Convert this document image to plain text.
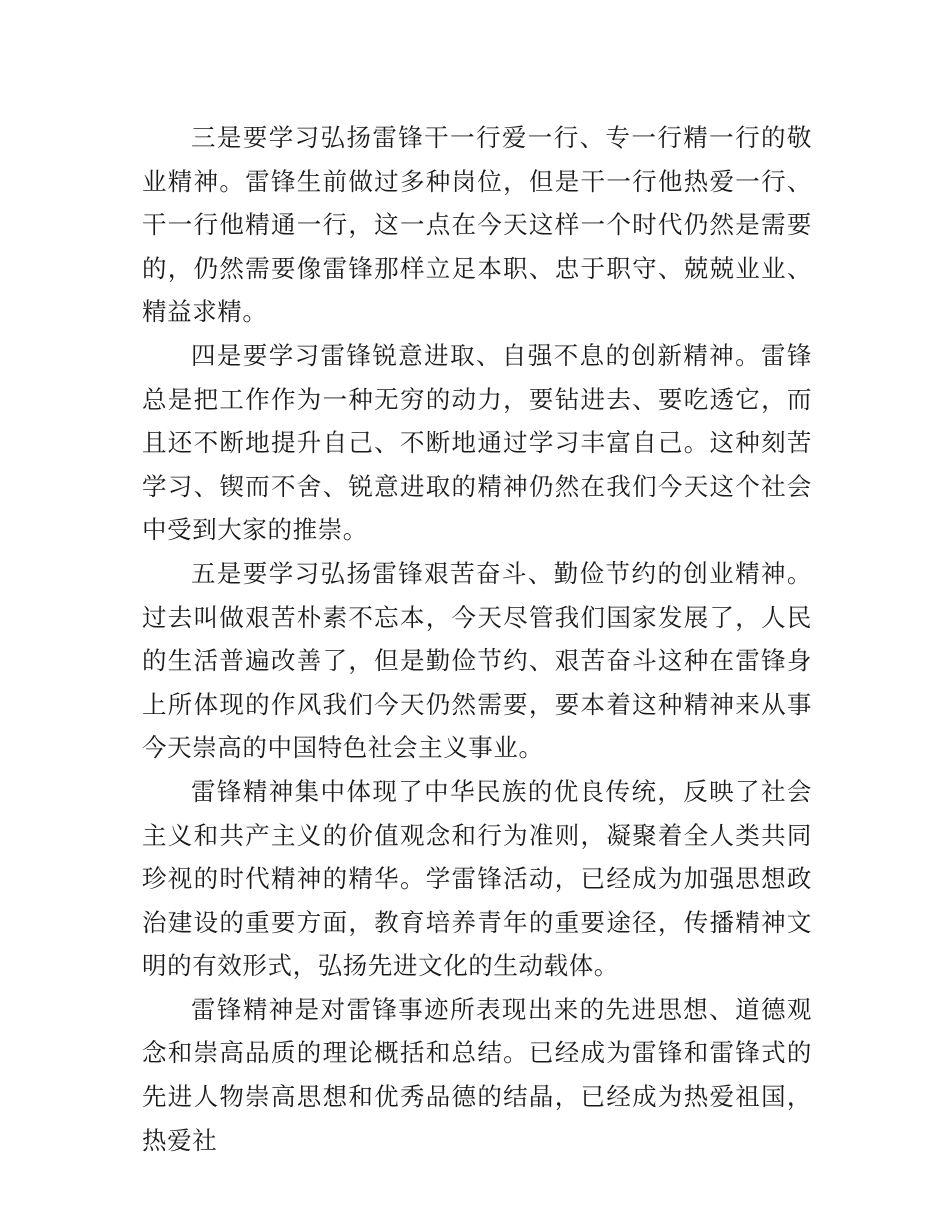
三是要学习弘扬雷锋干一行爱一行、专一行精一行的敬业精神。雷锋生前做过多种岗位，但是干一行他热爱一行、干一行他精通一行，这一点在今天这样一个时代仍然是需要的，仍然需要像雷锋那样立足本职、忠于职守、兢兢业业、精益求精。

四是要学习雷锋锐意进取、自强不息的创新精神。雷锋总是把工作作为一种无穷的动力，要钻进去、要吃透它，而且还不断地提升自己、不断地通过学习丰富自己。这种刻苦学习、锲而不舍、锐意进取的精神仍然在我们今天这个社会中受到大家的推崇。

五是要学习弘扬雷锋艰苦奋斗、勤俭节约的创业精神。过去叫做艰苦朴素不忘本，今天尽管我们国家发展了，人民的生活普遍改善了，但是勤俭节约、艰苦奋斗这种在雷锋身上所体现的作风我们今天仍然需要，要本着这种精神来从事今天崇高的中国特色社会主义事业。

雷锋精神集中体现了中华民族的优良传统，反映了社会主义和共产主义的价值观念和行为准则，凝聚着全人类共同珍视的时代精神的精华。学雷锋活动，已经成为加强思想政治建设的重要方面，教育培养青年的重要途径，传播精神文明的有效形式，弘扬先进文化的生动载体。

雷锋精神是对雷锋事迹所表现出来的先进思想、道德观念和崇高品质的理论概括和总结。已经成为雷锋和雷锋式的先进人物崇高思想和优秀品德的结晶，已经成为热爱祖国，热爱社
